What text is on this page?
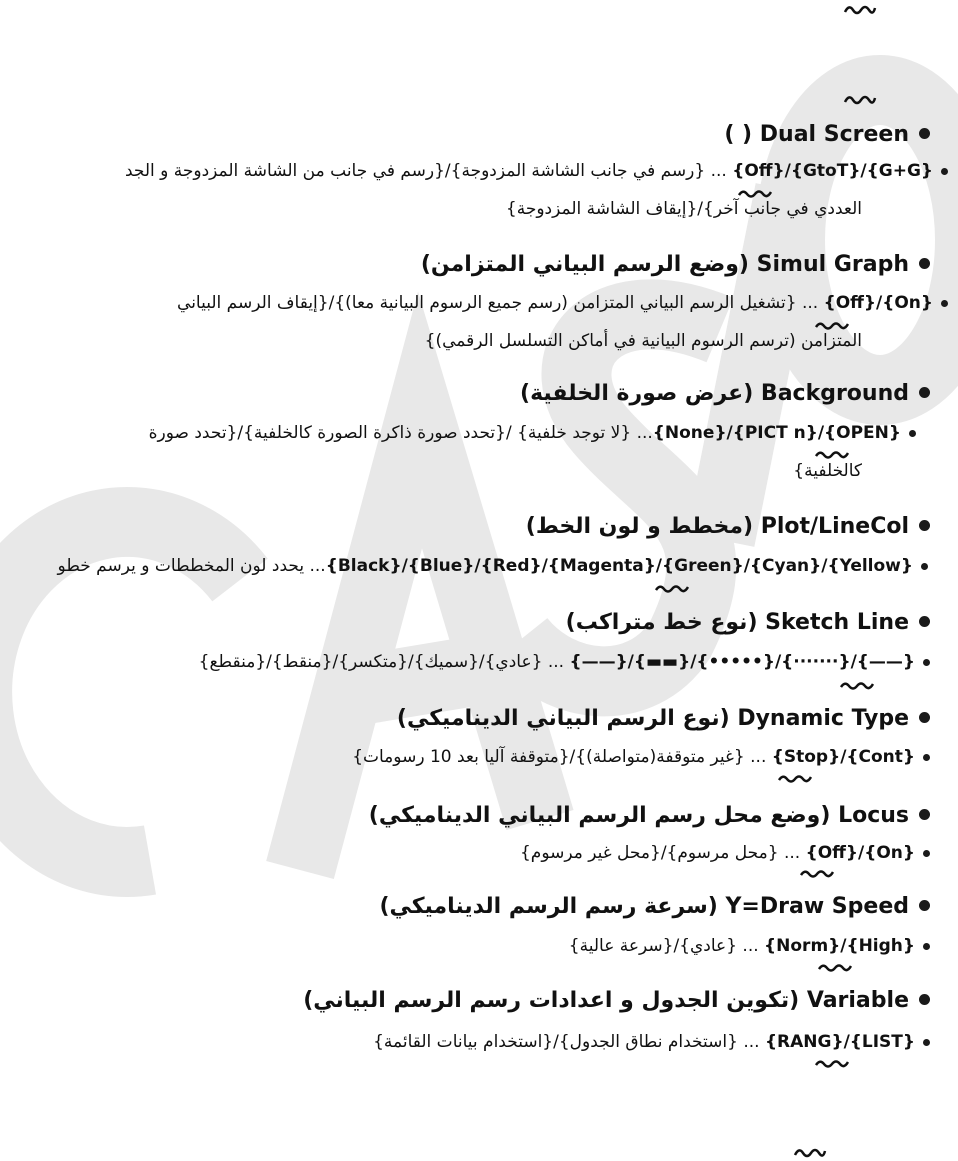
( ) Dual Screen
{Off}/{GtoT}/{G+G} ... {رسم في جانب الشاشة المزدوجة}/{رسم في جانب من الشاشة المزدوجة و الجد
العددي في جانب آخر}/{إيقاف الشاشة المزدوجة}
(وضع الرسم البياني المتزامن) Simul Graph
{Off}/{On} ... {تشغيل الرسم البياني المتزامن (رسم جميع الرسوم البيانية معا)}/{إيقاف الرسم البياني
المتزامن (ترسم الرسوم البيانية في أماكن التسلسل الرقمي)}
(عرض صورة الخلفية) Background
{None}/{PICT n}/{OPEN}... {لا توجد خلفية} /{تحدد صورة ذاكرة الصورة كالخلفية}/{تحدد صورة
كالخلفية}
(مخطط و لون الخط) Plot/LineCol
{Black}/{Blue}/{Red}/{Magenta}/{Green}/{Cyan}/{Yellow}... يحدد لون المخططات و يرسم خطو
(نوع خط متراكب) Sketch Line
{——}/{▬▬}/{•••••}/{·······}/{——} ... {عادي}/{سميك}/{متكسر}/{منقط}/{منقطع}
(نوع الرسم البياني الديناميكي) Dynamic Type
{Stop}/{Cont} ... {غير متوقفة(متواصلة)}/{متوقفة آليا بعد 10 رسومات}
(وضع محل رسم الرسم البياني الديناميكي) Locus
{Off}/{On} ... {محل مرسوم}/{محل غير مرسوم}
(سرعة رسم الرسم الديناميكي) Y=Draw Speed
{Norm}/{High} ... {عادي}/{سرعة عالية}
(تكوين الجدول و اعدادات رسم الرسم البياني) Variable
{RANG}/{LIST} ... {استخدام نطاق الجدول}/{استخدام بيانات القائمة}
